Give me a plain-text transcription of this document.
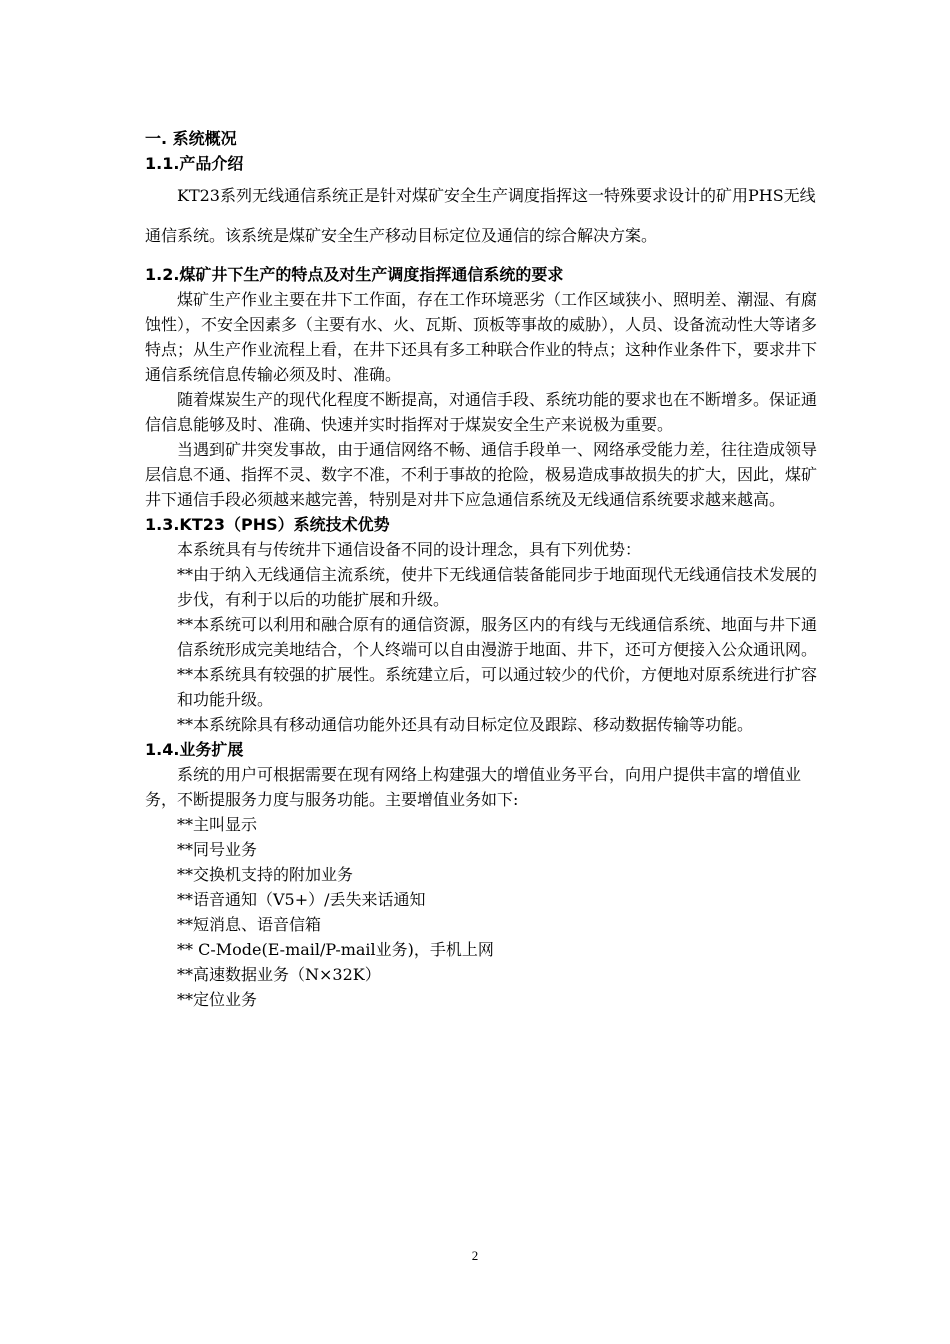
一. 系统概况

1.1.产品介绍

KT23系列无线通信系统正是针对煤矿安全生产调度指挥这一特殊要求设计的矿用PHS无线通信系统。该系统是煤矿安全生产移动目标定位及通信的综合解决方案。

1.2.煤矿井下生产的特点及对生产调度指挥通信系统的要求

煤矿生产作业主要在井下工作面，存在工作环境恶劣（工作区域狭小、照明差、潮湿、有腐蚀性），不安全因素多（主要有水、火、瓦斯、顶板等事故的威胁），人员、设备流动性大等诸多特点；从生产作业流程上看，在井下还具有多工种联合作业的特点；这种作业条件下，要求井下通信系统信息传输必须及时、准确。

随着煤炭生产的现代化程度不断提高，对通信手段、系统功能的要求也在不断增多。保证通信信息能够及时、准确、快速并实时指挥对于煤炭安全生产来说极为重要。

当遇到矿井突发事故，由于通信网络不畅、通信手段单一、网络承受能力差，往往造成领导层信息不通、指挥不灵、数字不准，不利于事故的抢险，极易造成事故损失的扩大，因此，煤矿井下通信手段必须越来越完善，特别是对井下应急通信系统及无线通信系统要求越来越高。

1.3.KT23（PHS）系统技术优势

本系统具有与传统井下通信设备不同的设计理念，具有下列优势：

**由于纳入无线通信主流系统，使井下无线通信装备能同步于地面现代无线通信技术发展的步伐，有利于以后的功能扩展和升级。

**本系统可以利用和融合原有的通信资源，服务区内的有线与无线通信系统、地面与井下通信系统形成完美地结合，个人终端可以自由漫游于地面、井下，还可方便接入公众通讯网。

**本系统具有较强的扩展性。系统建立后，可以通过较少的代价，方便地对原系统进行扩容和功能升级。

**本系统除具有移动通信功能外还具有动目标定位及跟踪、移动数据传输等功能。

1.4.业务扩展

系统的用户可根据需要在现有网络上构建强大的增值业务平台，向用户提供丰富的增值业务，不断提服务力度与服务功能。主要增值业务如下:

**主叫显示

**同号业务

**交换机支持的附加业务

**语音通知（V5+）/丢失来话通知

**短消息、语音信箱

** C-Mode(E-mail/P-mail业务)，手机上网

**高速数据业务（N×32K）

**定位业务

2
